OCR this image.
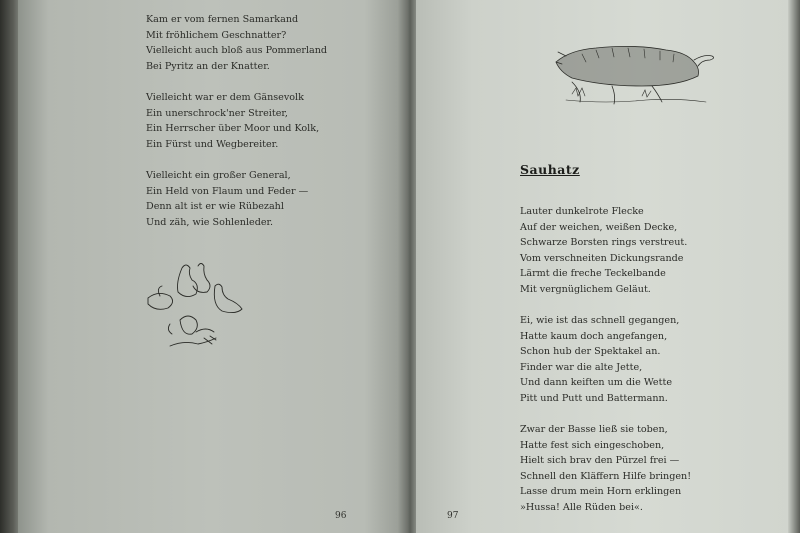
Kam er vom fernen Samarkand
Mit fröhlichem Geschnatter?
Vielleicht auch bloß aus Pommerland
Bei Pyritz an der Knatter.
Vielleicht war er dem Gänsevolk
Ein unerschrock'ner Streiter,
Ein Herrscher über Moor und Kolk,
Ein Fürst und Wegbereiter.
Vielleicht ein großer General,
Ein Held von Flaum und Feder —
Denn alt ist er wie Rübezahl
Und zäh, wie Sohlenleder.
96
Sauhatz
Lauter dunkelrote Flecke
Auf der weichen, weißen Decke,
Schwarze Borsten rings verstreut.
Vom verschneiten Dickungsrande
Lärmt die freche Teckelbande
Mit vergnüglichem Geläut.
Ei, wie ist das schnell gegangen,
Hatte kaum doch angefangen,
Schon hub der Spektakel an.
Finder war die alte Jette,
Und dann keiften um die Wette
Pitt und Putt und Battermann.
Zwar der Basse ließ sie toben,
Hatte fest sich eingeschoben,
Hielt sich brav den Pürzel frei —
Schnell den Kläffern Hilfe bringen!
Lasse drum mein Horn erklingen
»Hussa! Alle Rüden bei«.
97
